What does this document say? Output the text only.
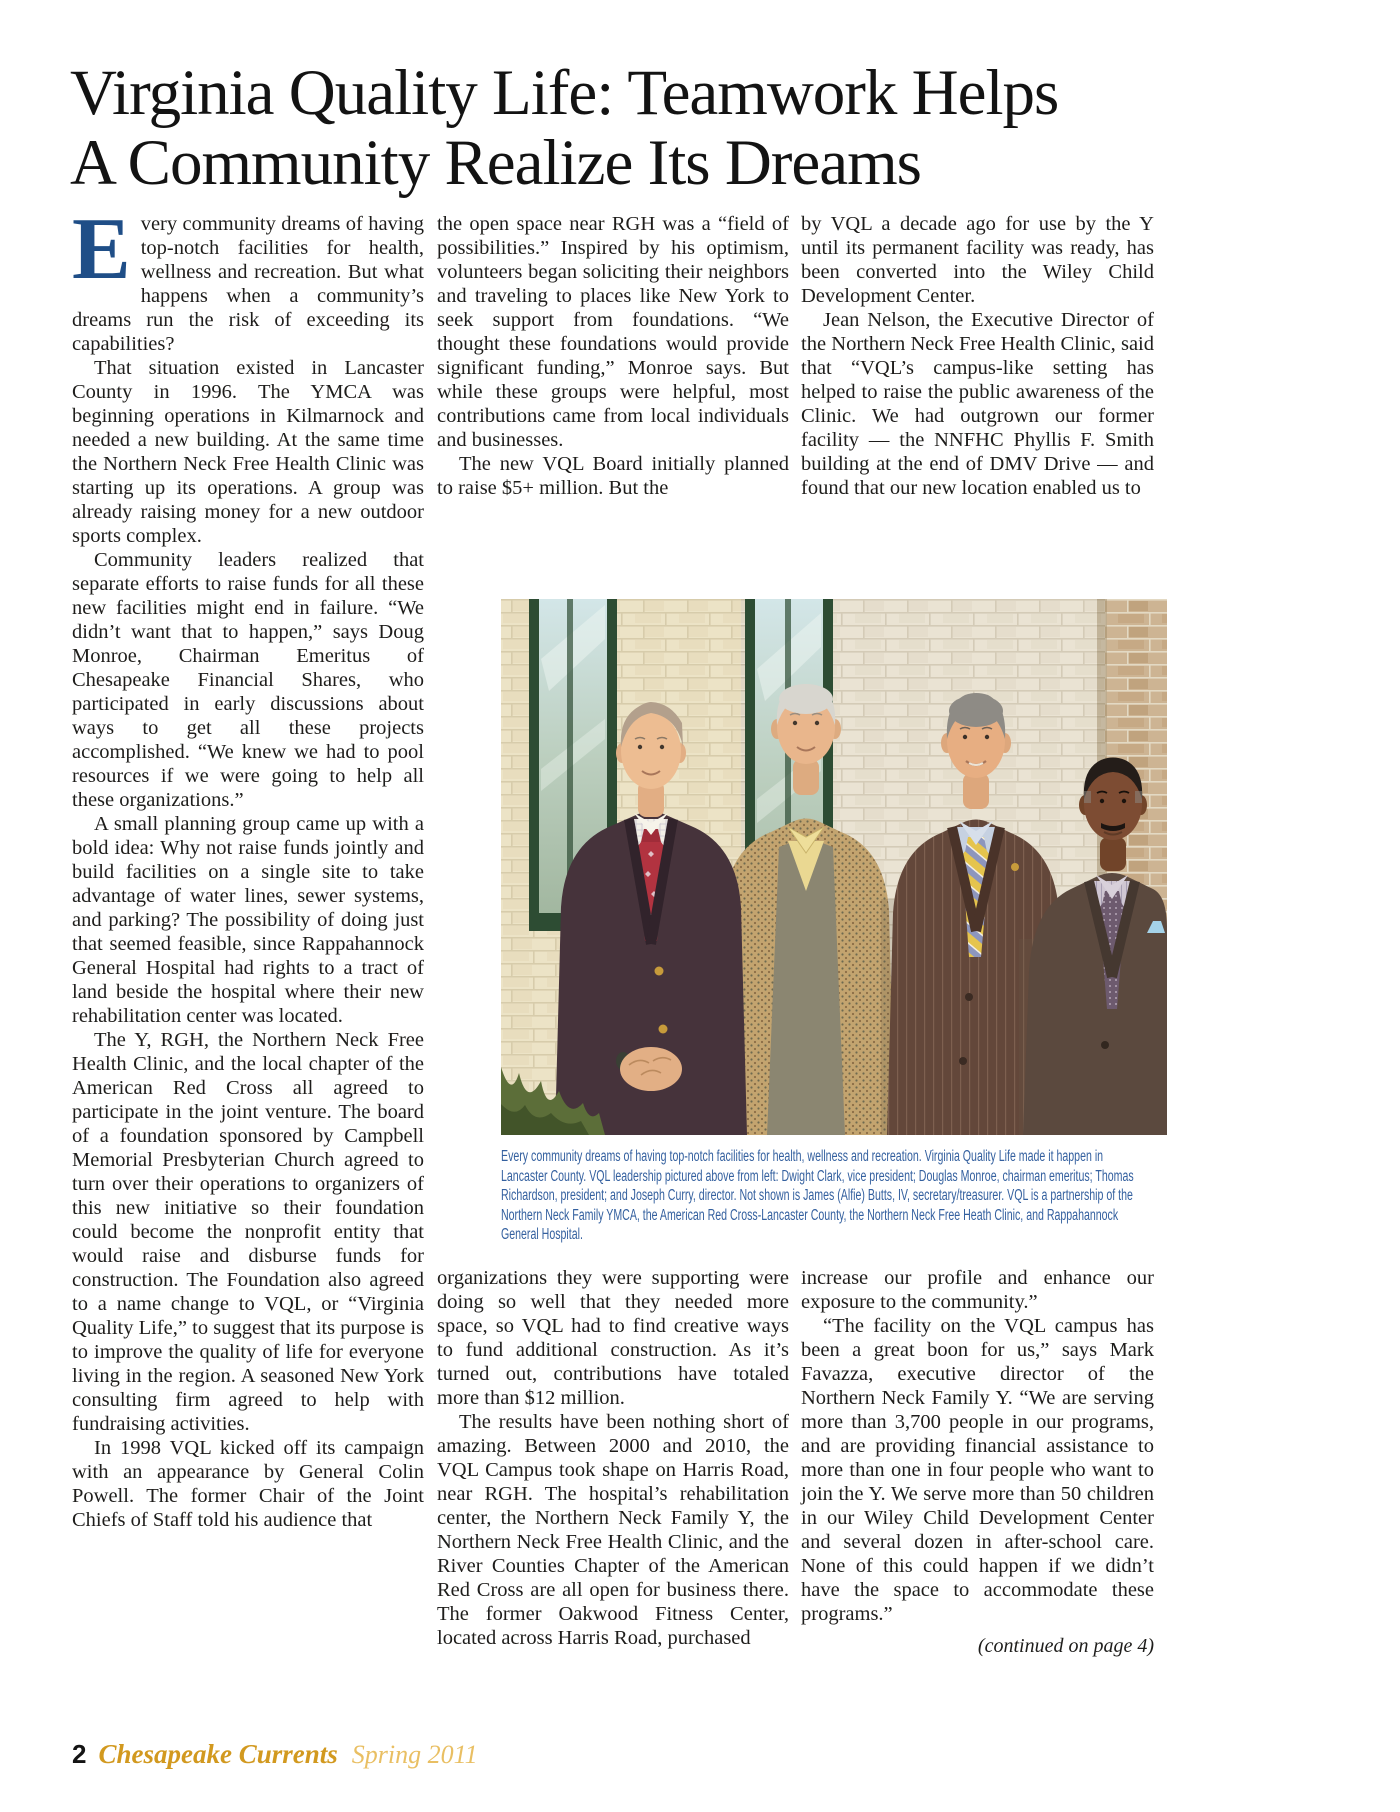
Virginia Quality Life: Teamwork Helps
A Community Realize Its Dreams

Every community dreams of having top-notch facilities for health, wellness and recreation. But what happens when a community’s dreams run the risk of exceeding its capabilities?

That situation existed in Lancaster County in 1996. The YMCA was beginning operations in Kilmarnock and needed a new building. At the same time the Northern Neck Free Health Clinic was starting up its operations. A group was already raising money for a new outdoor sports complex.

Community leaders realized that separate efforts to raise funds for all these new facilities might end in failure. “We didn’t want that to happen,” says Doug Monroe, Chairman Emeritus of Chesapeake Financial Shares, who participated in early discussions about ways to get all these projects accomplished. “We knew we had to pool resources if we were going to help all these organizations.”

A small planning group came up with a bold idea: Why not raise funds jointly and build facilities on a single site to take advantage of water lines, sewer systems, and parking? The possibility of doing just that seemed feasible, since Rappahannock General Hospital had rights to a tract of land beside the hospital where their new rehabilitation center was located.

The Y, RGH, the Northern Neck Free Health Clinic, and the local chapter of the American Red Cross all agreed to participate in the joint venture. The board of a foundation sponsored by Campbell Memorial Presbyterian Church agreed to turn over their operations to organizers of this new initiative so their foundation could become the nonprofit entity that would raise and disburse funds for construction. The Foundation also agreed to a name change to VQL, or “Virginia Quality Life,” to suggest that its purpose is to improve the quality of life for everyone living in the region. A seasoned New York consulting firm agreed to help with fundraising activities.

In 1998 VQL kicked off its campaign with an appearance by General Colin Powell. The former Chair of the Joint Chiefs of Staff told his audience that

the open space near RGH was a “field of possibilities.” Inspired by his optimism, volunteers began soliciting their neighbors and traveling to places like New York to seek support from foundations. “We thought these foundations would provide significant funding,” Monroe says. But while these groups were helpful, most contributions came from local individuals and businesses.

The new VQL Board initially planned to raise $5+ million. But the

by VQL a decade ago for use by the Y until its permanent facility was ready, has been converted into the Wiley Child Development Center.

Jean Nelson, the Executive Director of the Northern Neck Free Health Clinic, said that “VQL’s campus-like setting has helped to raise the public awareness of the Clinic. We had outgrown our former facility — the NNFHC Phyllis F. Smith building at the end of DMV Drive — and found that our new location enabled us to

Every community dreams of having top-notch facilities for health, wellness and recreation. Virginia Quality Life made it happen in Lancaster County. VQL leadership pictured above from left: Dwight Clark, vice president; Douglas Monroe, chairman emeritus; Thomas Richardson, president; and Joseph Curry, director. Not shown is James (Alfie) Butts, IV, secretary/treasurer. VQL is a partnership of the Northern Neck Family YMCA, the American Red Cross-Lancaster County, the Northern Neck Free Heath Clinic, and Rappahannock General Hospital.

organizations they were supporting were doing so well that they needed more space, so VQL had to find creative ways to fund additional construction. As it’s turned out, contributions have totaled more than $12 million.

The results have been nothing short of amazing. Between 2000 and 2010, the VQL Campus took shape on Harris Road, near RGH. The hospital’s rehabilitation center, the Northern Neck Family Y, the Northern Neck Free Health Clinic, and the River Counties Chapter of the American Red Cross are all open for business there. The former Oakwood Fitness Center, located across Harris Road, purchased

increase our profile and enhance our exposure to the community.”

“The facility on the VQL campus has been a great boon for us,” says Mark Favazza, executive director of the Northern Neck Family Y. “We are serving more than 3,700 people in our programs, and are providing financial assistance to more than one in four people who want to join the Y. We serve more than 50 children in our Wiley Child Development Center and several dozen in after-school care. None of this could happen if we didn’t have the space to accommodate these programs.”

(continued on page 4)

2 Chesapeake Currents Spring 2011
